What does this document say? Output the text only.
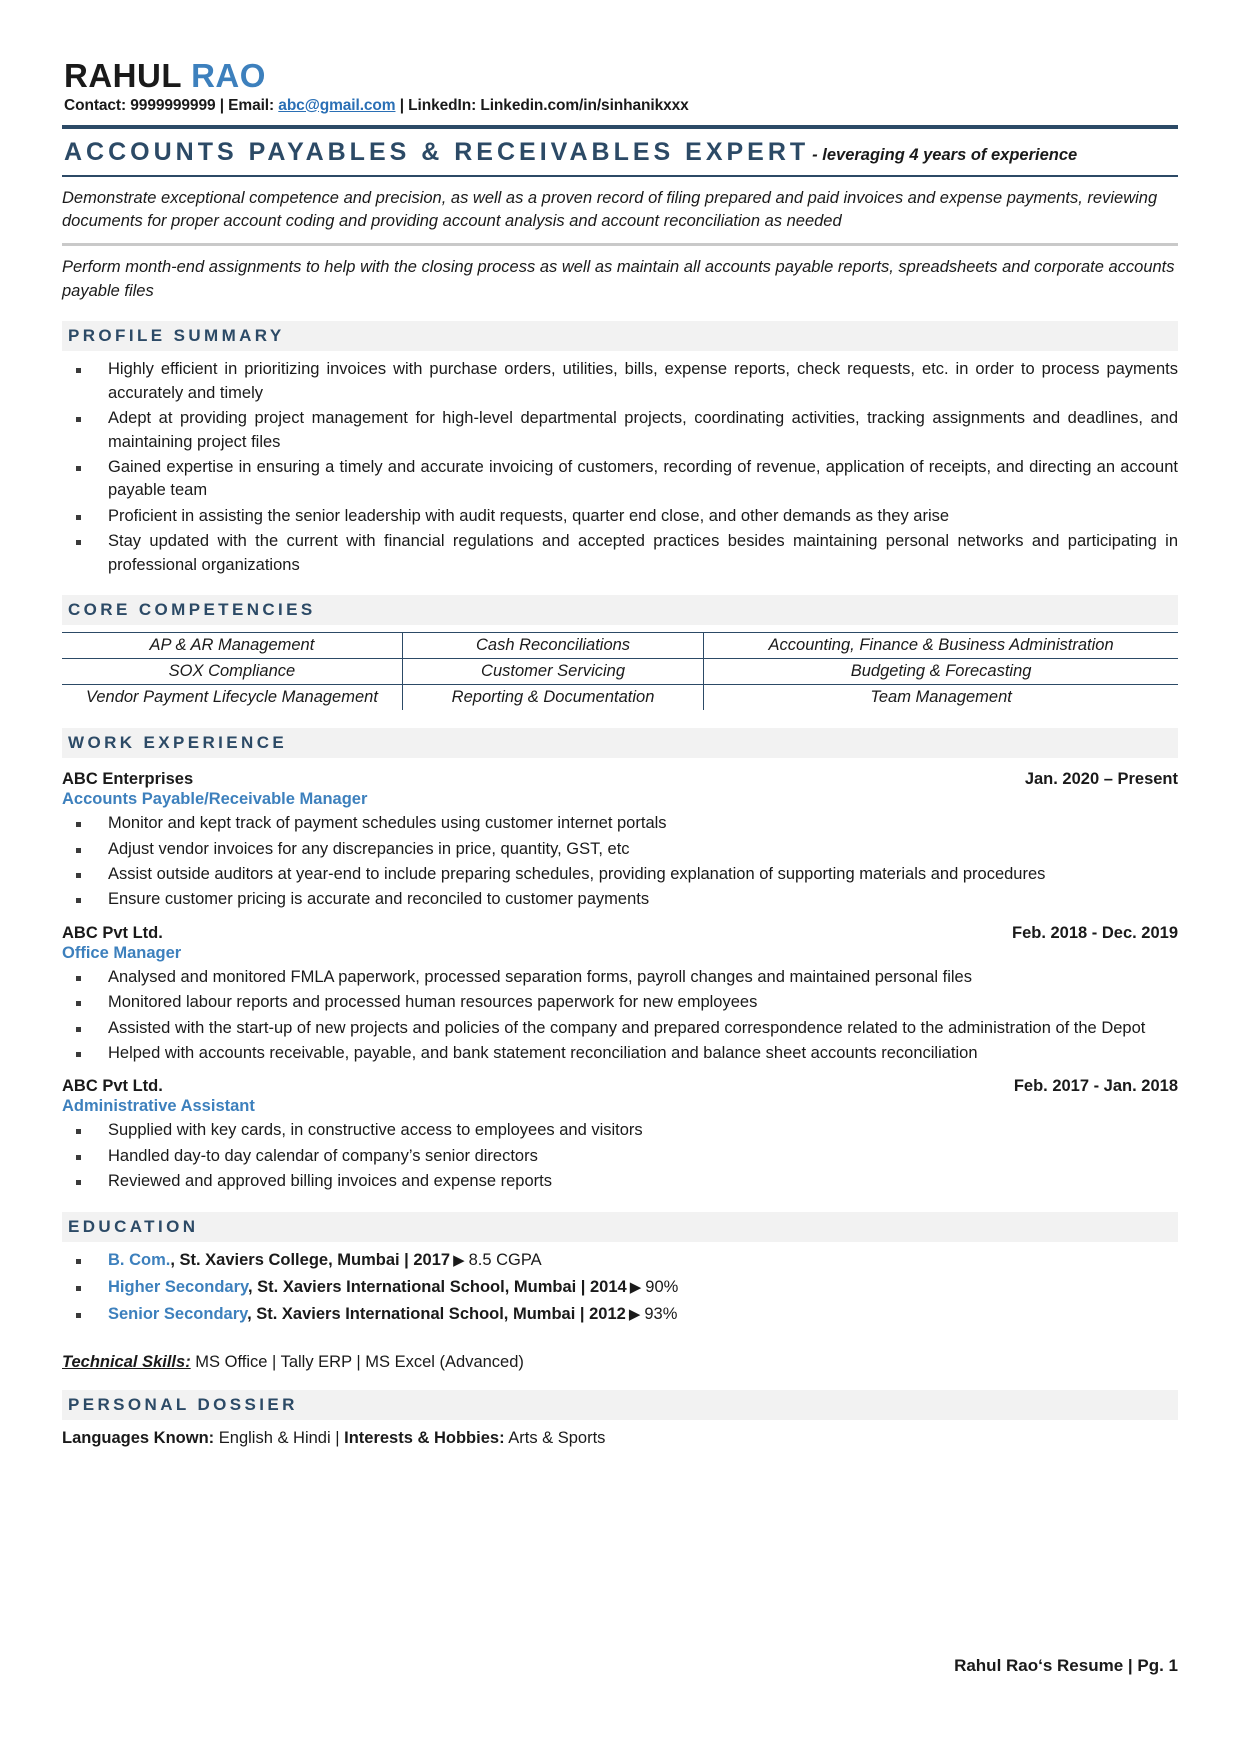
RAHUL RAO
Contact: 9999999999 | Email: abc@gmail.com | LinkedIn: Linkedin.com/in/sinhanikxxx
ACCOUNTS PAYABLES & RECEIVABLES EXPERT - leveraging 4 years of experience
Demonstrate exceptional competence and precision, as well as a proven record of filing prepared and paid invoices and expense payments, reviewing documents for proper account coding and providing account analysis and account reconciliation as needed
Perform month-end assignments to help with the closing process as well as maintain all accounts payable reports, spreadsheets and corporate accounts payable files
PROFILE SUMMARY
Highly efficient in prioritizing invoices with purchase orders, utilities, bills, expense reports, check requests, etc. in order to process payments accurately and timely
Adept at providing project management for high-level departmental projects, coordinating activities, tracking assignments and deadlines, and maintaining project files
Gained expertise in ensuring a timely and accurate invoicing of customers, recording of revenue, application of receipts, and directing an account payable team
Proficient in assisting the senior leadership with audit requests, quarter end close, and other demands as they arise
Stay updated with the current with financial regulations and accepted practices besides maintaining personal networks and participating in professional organizations
CORE COMPETENCIES
AP & AR Management	Cash Reconciliations	Accounting, Finance & Business Administration
SOX Compliance	Customer Servicing	Budgeting & Forecasting
Vendor Payment Lifecycle Management	Reporting & Documentation	Team Management
WORK EXPERIENCE
ABC Enterprises	Jan. 2020 – Present
Accounts Payable/Receivable Manager
Monitor and kept track of payment schedules using customer internet portals
Adjust vendor invoices for any discrepancies in price, quantity, GST, etc
Assist outside auditors at year-end to include preparing schedules, providing explanation of supporting materials and procedures
Ensure customer pricing is accurate and reconciled to customer payments
ABC Pvt Ltd.	Feb. 2018 - Dec. 2019
Office Manager
Analysed and monitored FMLA paperwork, processed separation forms, payroll changes and maintained personal files
Monitored labour reports and processed human resources paperwork for new employees
Assisted with the start-up of new projects and policies of the company and prepared correspondence related to the administration of the Depot
Helped with accounts receivable, payable, and bank statement reconciliation and balance sheet accounts reconciliation
ABC Pvt Ltd.	Feb. 2017 - Jan. 2018
Administrative Assistant
Supplied with key cards, in constructive access to employees and visitors
Handled day-to day calendar of company’s senior directors
Reviewed and approved billing invoices and expense reports
EDUCATION
B. Com., St. Xaviers College, Mumbai | 2017 ▶ 8.5 CGPA
Higher Secondary, St. Xaviers International School, Mumbai | 2014 ▶ 90%
Senior Secondary, St. Xaviers International School, Mumbai | 2012 ▶ 93%
Technical Skills: MS Office | Tally ERP | MS Excel (Advanced)
PERSONAL DOSSIER
Languages Known: English & Hindi | Interests & Hobbies: Arts & Sports
Rahul Rao‘s Resume | Pg. 1
